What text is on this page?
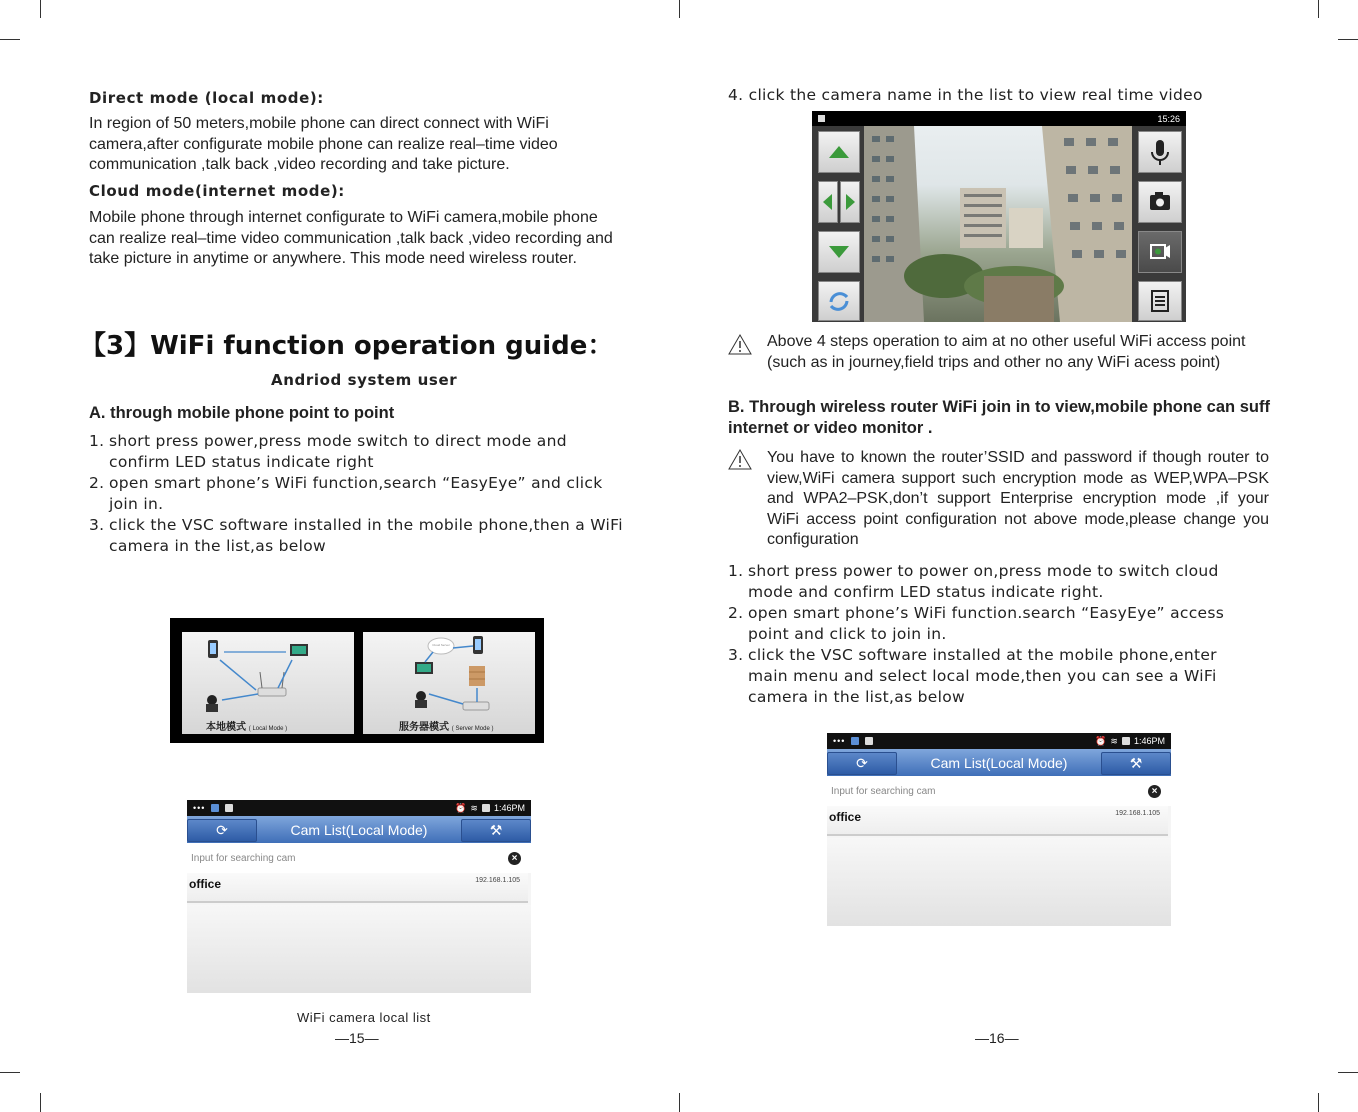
Direct mode (local mode):
In region of 50 meters,mobile phone can direct connect with WiFi camera,after configurate mobile phone can realize real–time video communication ,talk back ,video recording and take picture.
Cloud mode(internet mode):
Mobile phone through internet configurate to WiFi camera,mobile phone can realize real–time video communication ,talk back ,video recording and take picture in anytime or anywhere. This mode need wireless router.
【3】WiFi function operation guide：
Andriod system user
A. through mobile phone point to point
1. short press power,press mode switch to direct mode and confirm LED status indicate right
2. open smart phone’s WiFi function,search “EasyEye” and click join in.
3. click the VSC software installed in the mobile phone,then a WiFi camera in the list,as below
本地模式 ( Local Mode )
Cloud Server
服务器模式 ( Server Mode )
•••	⏰ ≋ 1:46PM
⟳	Cam List(Local Mode)	⚒
Input for searching cam	×
office	192.168.1.105
WiFi camera local list
—15—
4. click the camera name in the list to view real time video
15:26
Above 4 steps operation to aim at no other useful WiFi access point (such as in journey,field trips and other no any WiFi acess point)
B. Through wireless router WiFi join in to view,mobile phone can suff internet or video monitor .
You have to known the router’SSID and password if though router to view,WiFi camera support such encryption mode as WEP,WPA–PSK and WPA2–PSK,don’t support Enterprise encryption mode ,if your WiFi access point configuration not above mode,please change you configuration
1. short press power to power on,press mode to switch cloud mode and confirm LED status indicate right.
2. open smart phone’s WiFi function.search “EasyEye” access point and click to join in.
3. click the VSC software installed at the mobile phone,enter main menu and select local mode,then you can see a WiFi camera in the list,as below
•••	⏰ ≋ 1:46PM
⟳	Cam List(Local Mode)	⚒
Input for searching cam	×
office	192.168.1.105
—16—
